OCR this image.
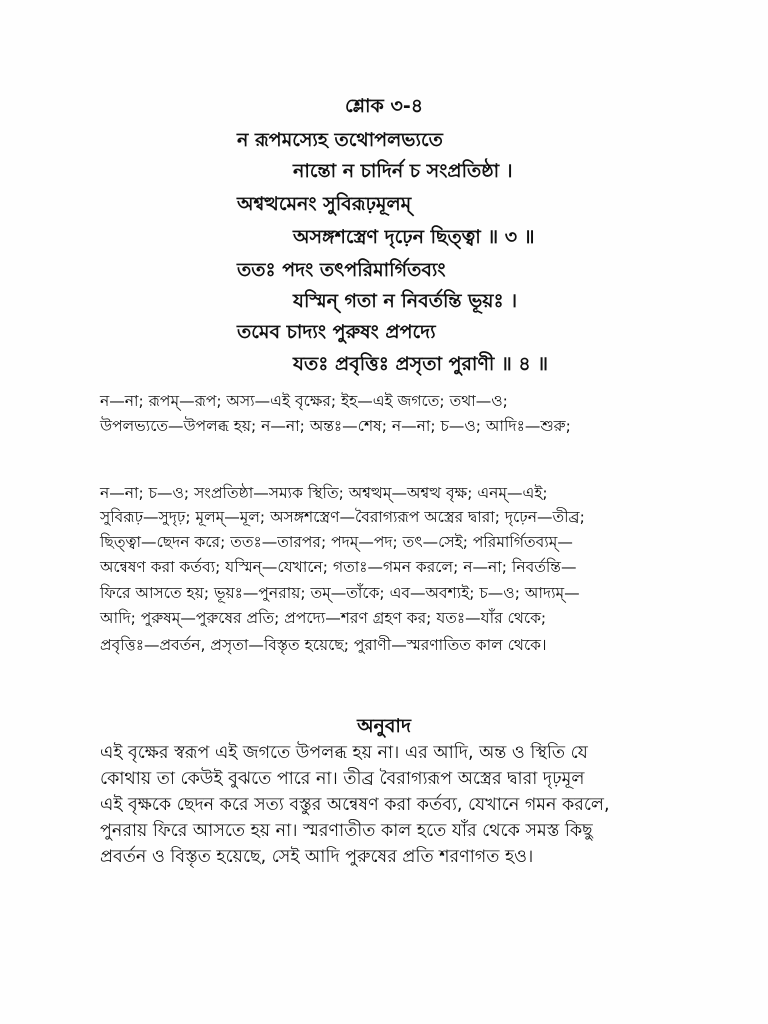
শ্লোক ৩-৪
ন রূপমস্যেহ তথোপলভ্যতে
নান্তো ন চাদির্ন চ সংপ্রতিষ্ঠা ।
অশ্বত্থমেনং সুবিরূঢ়মূলম্
অসঙ্গশস্ত্রেণ দৃঢ়েন ছিত্ত্বা ॥ ৩ ॥
ততঃ পদং তৎপরিমার্গিতব্যং
যস্মিন্ গতা ন নিবর্তন্তি ভূয়ঃ ।
তমেব চাদ্যং পুরুষং প্রপদ্যে
যতঃ প্রবৃত্তিঃ প্রসৃতা পুরাণী ॥ ৪ ॥
ন—না; রূপম্—রূপ; অস্য—এই বৃক্ষের; ইহ—এই জগতে; তথা—ও;
উপলভ্যতে—উপলব্ধ হয়; ন—না; অন্তঃ—শেষ; ন—না; চ—ও; আদিঃ—শুরু;
ন—না; চ—ও; সংপ্রতিষ্ঠা—সম্যক স্থিতি; অশ্বত্থম্—অশ্বত্থ বৃক্ষ; এনম্—এই;
সুবিরূঢ়—সুদৃঢ়; মূলম্—মূল; অসঙ্গশস্ত্রেণ—বৈরাগ্যরূপ অস্ত্রের দ্বারা; দৃঢ়েন—তীব্র;
ছিত্ত্বা—ছেদন করে; ততঃ—তারপর; পদম্—পদ; তৎ—সেই; পরিমার্গিতব্যম্—
অন্বেষণ করা কর্তব্য; যস্মিন্—যেখানে; গতাঃ—গমন করলে; ন—না; নিবর্তন্তি—
ফিরে আসতে হয়; ভূয়ঃ—পুনরায়; তম্—তাঁকে; এব—অবশ্যই; চ—ও; আদ্যম্—
আদি; পুরুষম্—পুরুষের প্রতি; প্রপদ্যে—শরণ গ্রহণ কর; যতঃ—যাঁর থেকে;
প্রবৃত্তিঃ—প্রবর্তন, প্রসৃতা—বিস্তৃত হয়েছে; পুরাণী—স্মরণাতিত কাল থেকে।
অনুবাদ
এই বৃক্ষের স্বরূপ এই জগতে উপলব্ধ হয় না। এর আদি, অন্ত ও স্থিতি যে
কোথায় তা কেউই বুঝতে পারে না। তীব্র বৈরাগ্যরূপ অস্ত্রের দ্বারা দৃঢ়মূল
এই বৃক্ষকে ছেদন করে সত্য বস্তুর অন্বেষণ করা কর্তব্য, যেখানে গমন করলে,
পুনরায় ফিরে আসতে হয় না। স্মরণাতীত কাল হতে যাঁর থেকে সমস্ত কিছু
প্রবর্তন ও বিস্তৃত হয়েছে, সেই আদি পুরুষের প্রতি শরণাগত হও।
